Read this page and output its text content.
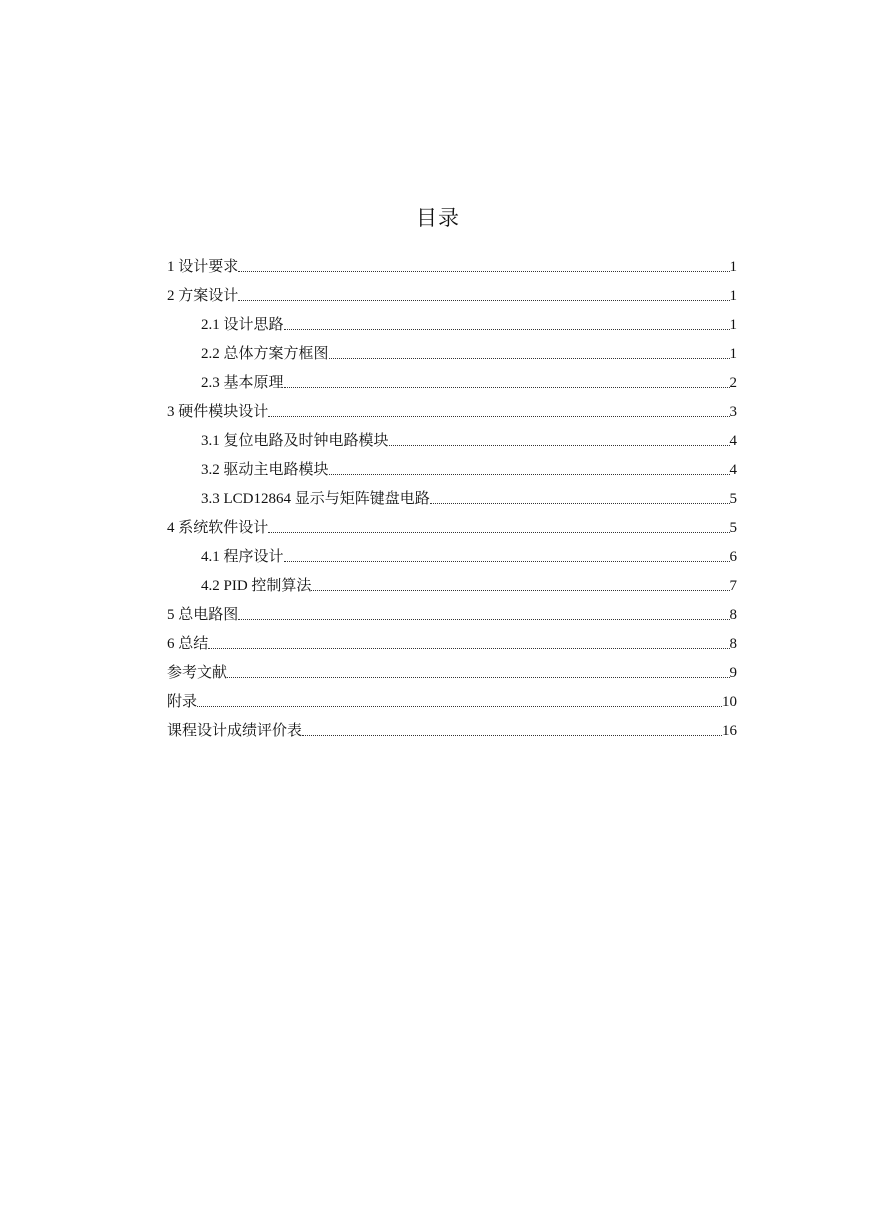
目录
1 设计要求	1
2 方案设计	1
2.1 设计思路	1
2.2 总体方案方框图	1
2.3 基本原理	2
3 硬件模块设计	3
3.1 复位电路及时钟电路模块	4
3.2 驱动主电路模块	4
3.3 LCD12864 显示与矩阵键盘电路	5
4 系统软件设计	5
4.1 程序设计	6
4.2 PID 控制算法	7
5 总电路图	8
6 总结	8
参考文献	9
附录	10
课程设计成绩评价表	16
